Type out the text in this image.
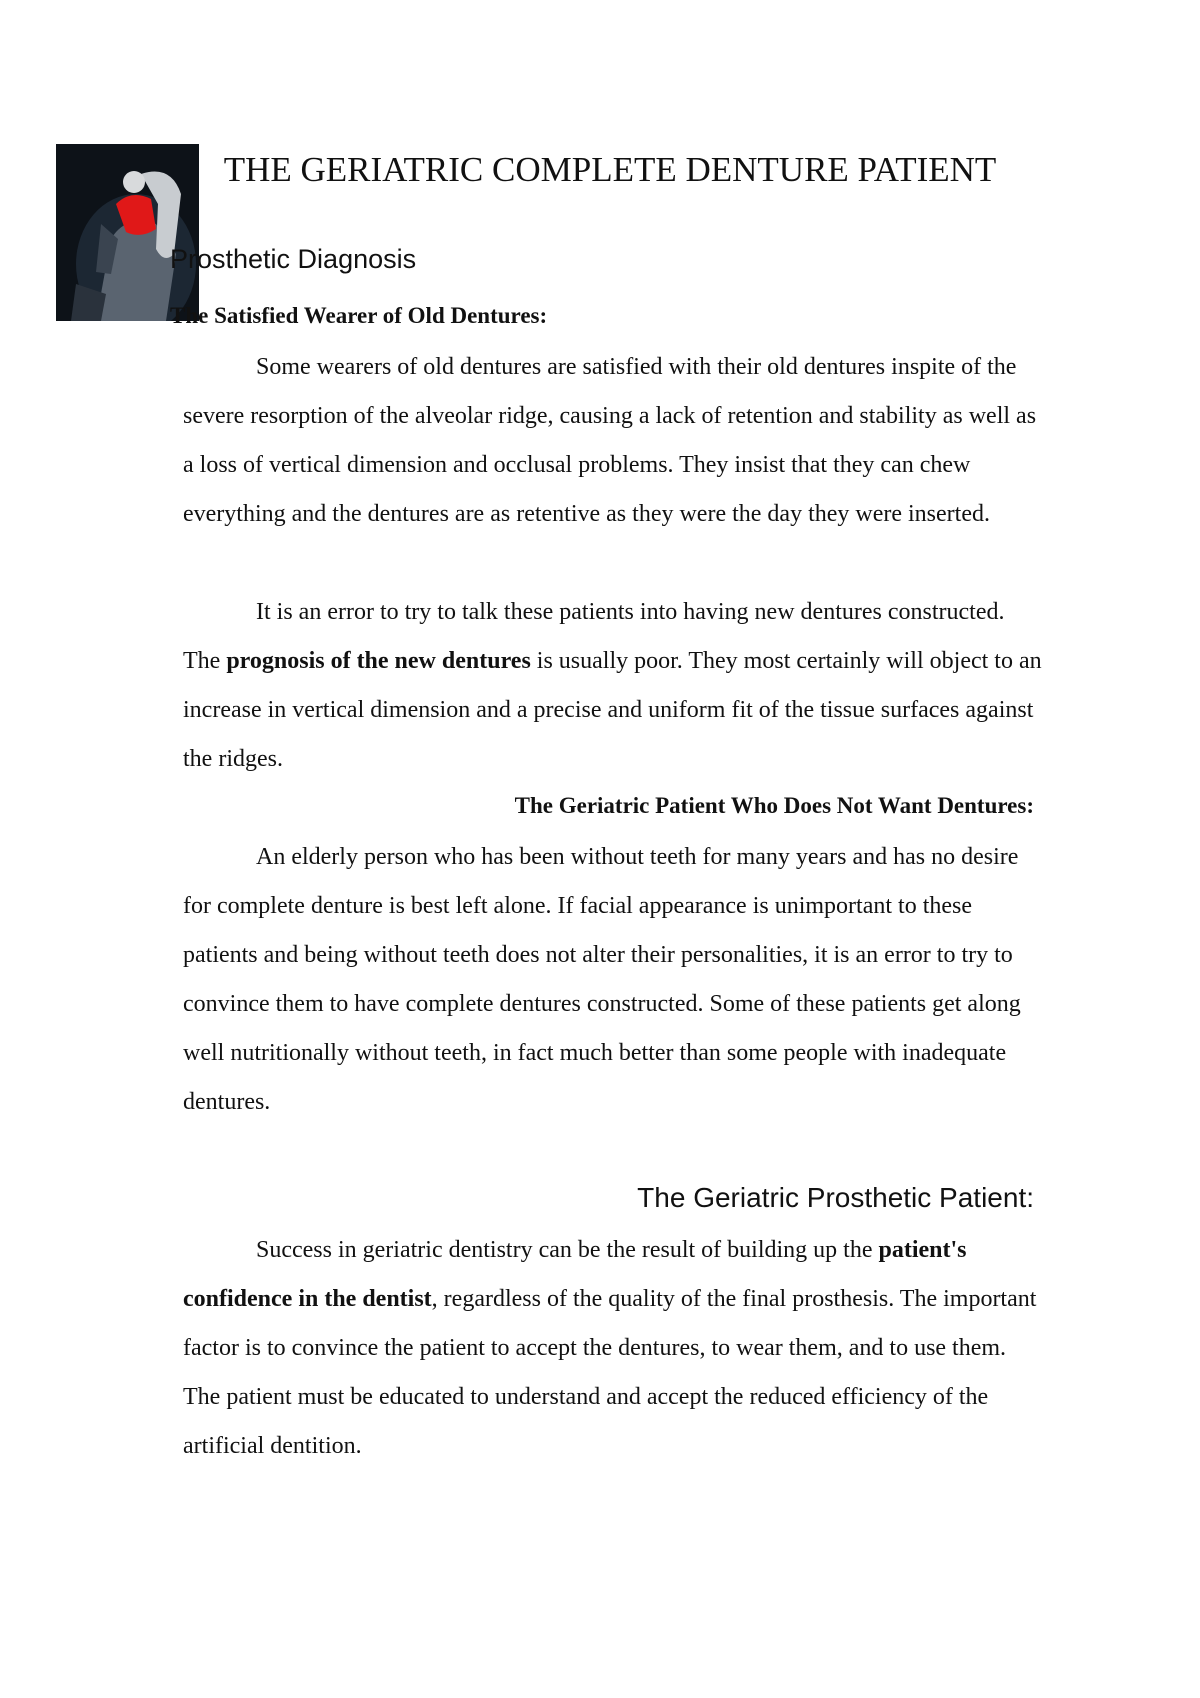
THE GERIATRIC COMPLETE DENTURE PATIENT
Prosthetic Diagnosis
The Satisfied Wearer of Old Dentures:

Some wearers of old dentures are satisfied with their old dentures inspite of the severe resorption of the alveolar ridge, causing a lack of retention and stability as well as a loss of vertical dimension and occlusal problems. They insist that they can chew everything and the dentures are as retentive as they were the day they were inserted.

It is an error to try to talk these patients into having new dentures constructed. The prognosis of the new dentures is usually poor. They most certainly will object to an increase in vertical dimension and a precise and uniform fit of the tissue surfaces against the ridges.

The Geriatric Patient Who Does Not Want Dentures:

An elderly person who has been without teeth for many years and has no desire for complete denture is best left alone. If facial appearance is unimportant to these patients and being without teeth does not alter their personalities, it is an error to try to convince them to have complete dentures constructed. Some of these patients get along well nutritionally without teeth, in fact much better than some people with inadequate dentures.

The Geriatric Prosthetic Patient:

Success in geriatric dentistry can be the result of building up the patient's confidence in the dentist, regardless of the quality of the final prosthesis. The important factor is to convince the patient to accept the dentures, to wear them, and to use them. The patient must be educated to understand and accept the reduced efficiency of the artificial dentition.
